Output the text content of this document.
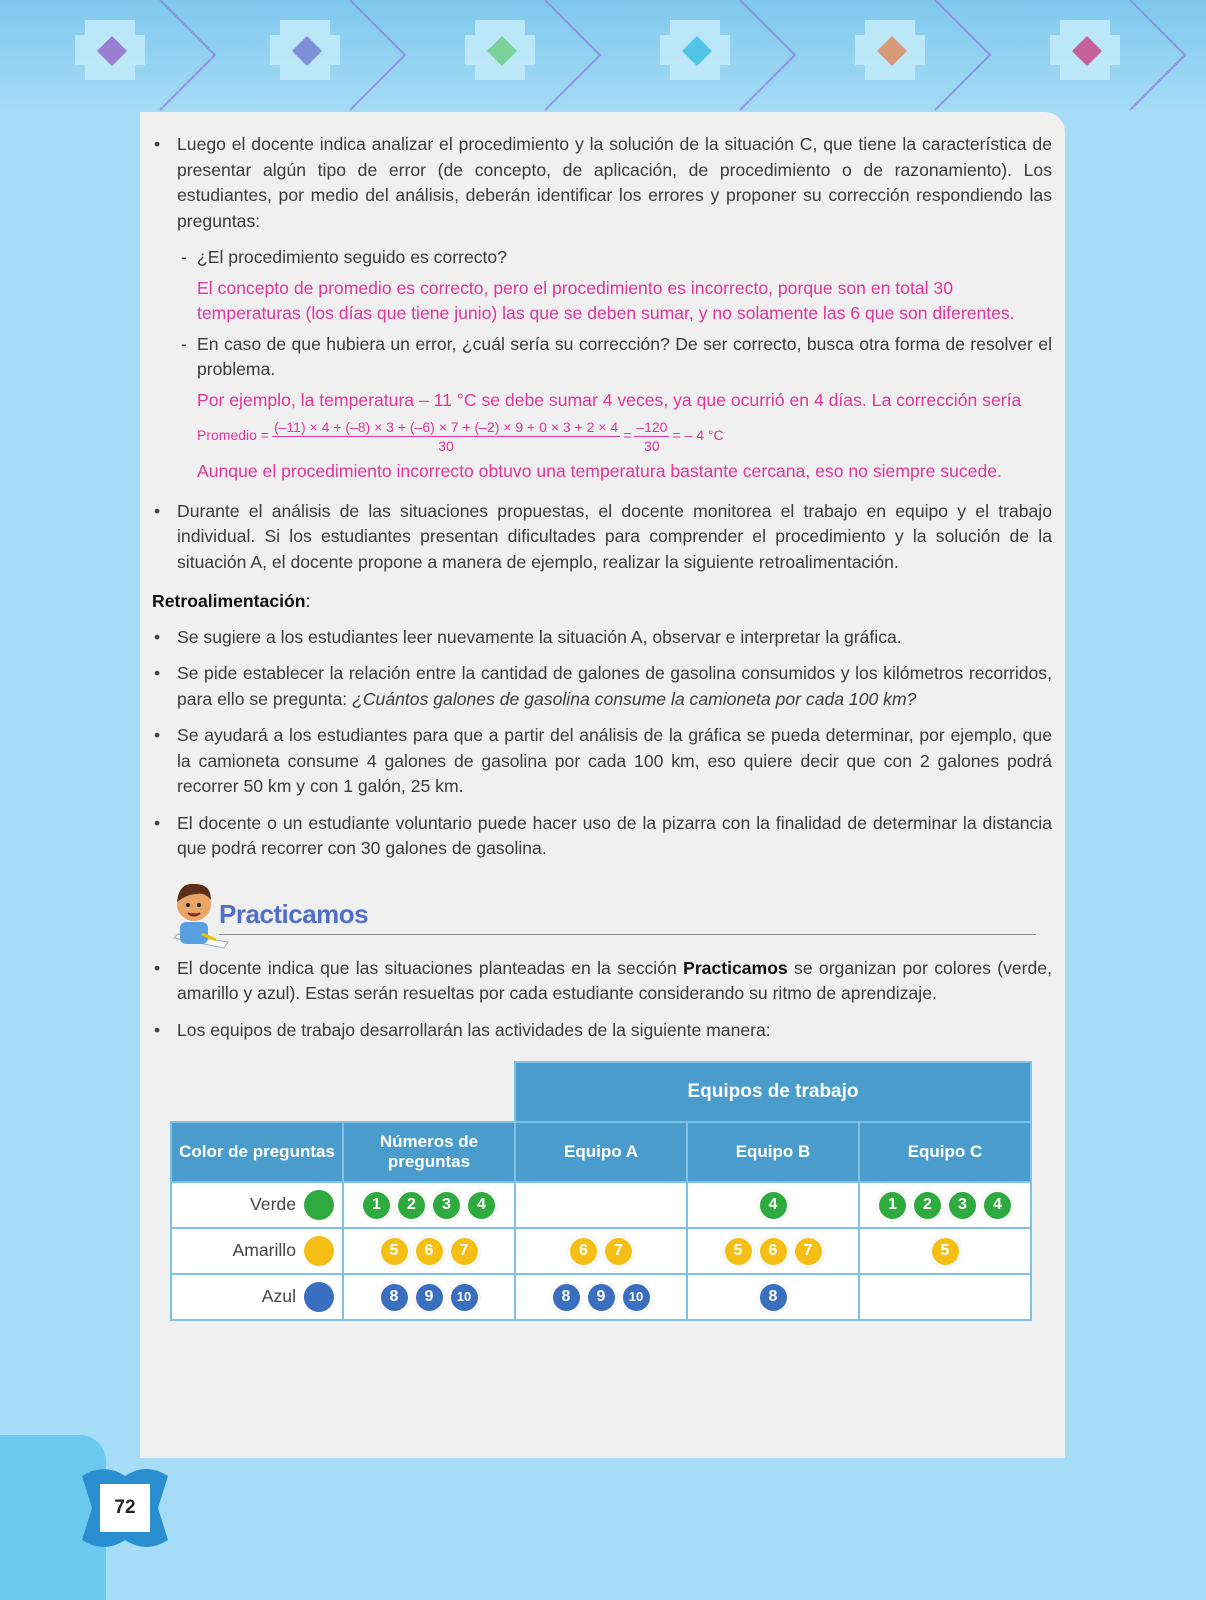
• Luego el docente indica analizar el procedimiento y la solución de la situación C, que tiene la característica de presentar algún tipo de error (de concepto, de aplicación, de procedimiento o de razonamiento). Los estudiantes, por medio del análisis, deberán identificar los errores y proponer su corrección respondiendo las preguntas:
- ¿El procedimiento seguido es correcto?
El concepto de promedio es correcto, pero el procedimiento es incorrecto, porque son en total 30 temperaturas (los días que tiene junio) las que se deben sumar, y no solamente las 6 que son diferentes.
- En caso de que hubiera un error, ¿cuál sería su corrección? De ser correcto, busca otra forma de resolver el problema.
Por ejemplo, la temperatura – 11 °C se debe sumar 4 veces, ya que ocurrió en 4 días. La corrección sería
Promedio = $\frac{(-11) \times 4 + (-8) \times 3 + (-6) \times 7 + (-2) \times 9 + 0 \times 3 + 2 \times 4}{30} = \frac{-120}{30}$ = – 4 °C
Aunque el procedimiento incorrecto obtuvo una temperatura bastante cercana, eso no siempre sucede.
• Durante el análisis de las situaciones propuestas, el docente monitorea el trabajo en equipo y el trabajo individual. Si los estudiantes presentan dificultades para comprender el procedimiento y la solución de la situación A, el docente propone a manera de ejemplo, realizar la siguiente retroalimentación.
Retroalimentación:
• Se sugiere a los estudiantes leer nuevamente la situación A, observar e interpretar la gráfica.
• Se pide establecer la relación entre la cantidad de galones de gasolina consumidos y los kilómetros recorridos, para ello se pregunta: ¿Cuántos galones de gasolina consume la camioneta por cada 100 km?
• Se ayudará a los estudiantes para que a partir del análisis de la gráfica se pueda determinar, por ejemplo, que la camioneta consume 4 galones de gasolina por cada 100 km, eso quiere decir que con 2 galones podrá recorrer 50 km y con 1 galón, 25 km.
• El docente o un estudiante voluntario puede hacer uso de la pizarra con la finalidad de determinar la distancia que podrá recorrer con 30 galones de gasolina.
Practicamos
• El docente indica que las situaciones planteadas en la sección Practicamos se organizan por colores (verde, amarillo y azul). Estas serán resueltas por cada estudiante considerando su ritmo de aprendizaje.
• Los equipos de trabajo desarrollarán las actividades de la siguiente manera:
		Equipos de trabajo		
Color de preguntas	Números de preguntas	Equipo A	Equipo B	Equipo C

Verde	1 2 3 4		4	1 2 3 4

Amarillo	5 6 7	6 7	5 6 7	5

Azul	8 9 10	8 9 10	8	

72
